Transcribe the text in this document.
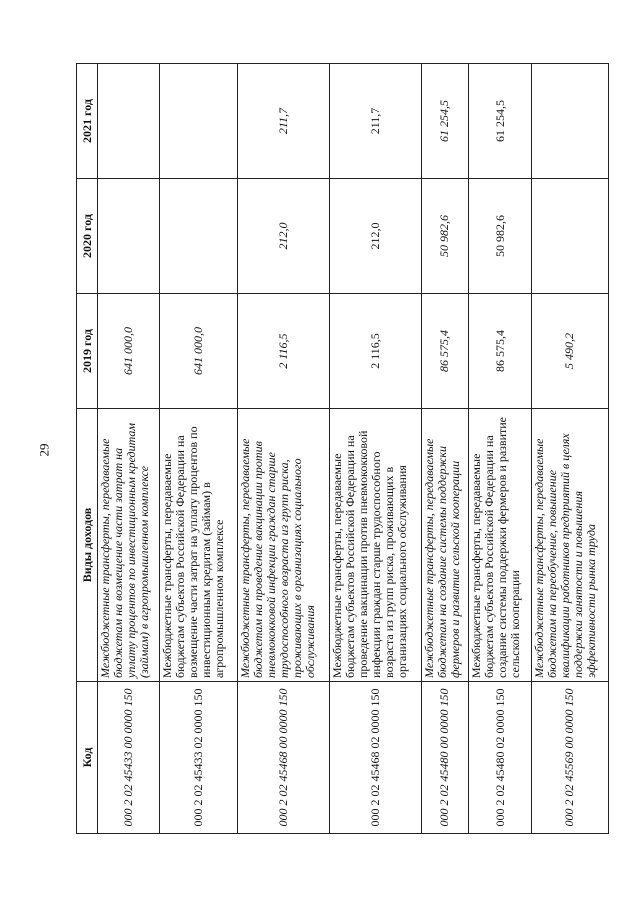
29
Код	Виды доходов	2019 год	2020 год	2021 год
000 2 02 45433 00 0000 150	Межбюджетные трансферты, передаваемые бюджетам на возмещение части затрат на уплату процентов по инвестиционным кредитам (займам) в агропромышленном комплексе	641 000,0		
000 2 02 45433 02 0000 150	Межбюджетные трансферты, передаваемые бюджетам субъектов Российской Федерации на возмещение части затрат на уплату процентов по инвестиционным кредитам (займам) в агропромышленном комплексе	641 000,0		
000 2 02 45468 00 0000 150	Межбюджетные трансферты, передаваемые бюджетам на проведение вакцинации против пневмококковой инфекции граждан старше трудоспособного возраста из групп риска, проживающих в организациях социального обслуживания	2 116,5	212,0	211,7
000 2 02 45468 02 0000 150	Межбюджетные трансферты, передаваемые бюджетам субъектов Российской Федерации на проведение вакцинации против пневмококковой инфекции граждан старше трудоспособного возраста из групп риска, проживающих в организациях социального обслуживания	2 116,5	212,0	211,7
000 2 02 45480 00 0000 150	Межбюджетные трансферты, передаваемые бюджетам на создание системы поддержки фермеров и развитие сельской кооперации	86 575,4	50 982,6	61 254,5
000 2 02 45480 02 0000 150	Межбюджетные трансферты, передаваемые бюджетам субъектов Российской Федерации на создание системы поддержки фермеров и развитие сельской кооперации	86 575,4	50 982,6	61 254,5
000 2 02 45569 00 0000 150	Межбюджетные трансферты, передаваемые бюджетам на переобучение, повышение квалификации работников предприятий в целях поддержки занятости и повышения эффективности рынка труда	5 490,2		
